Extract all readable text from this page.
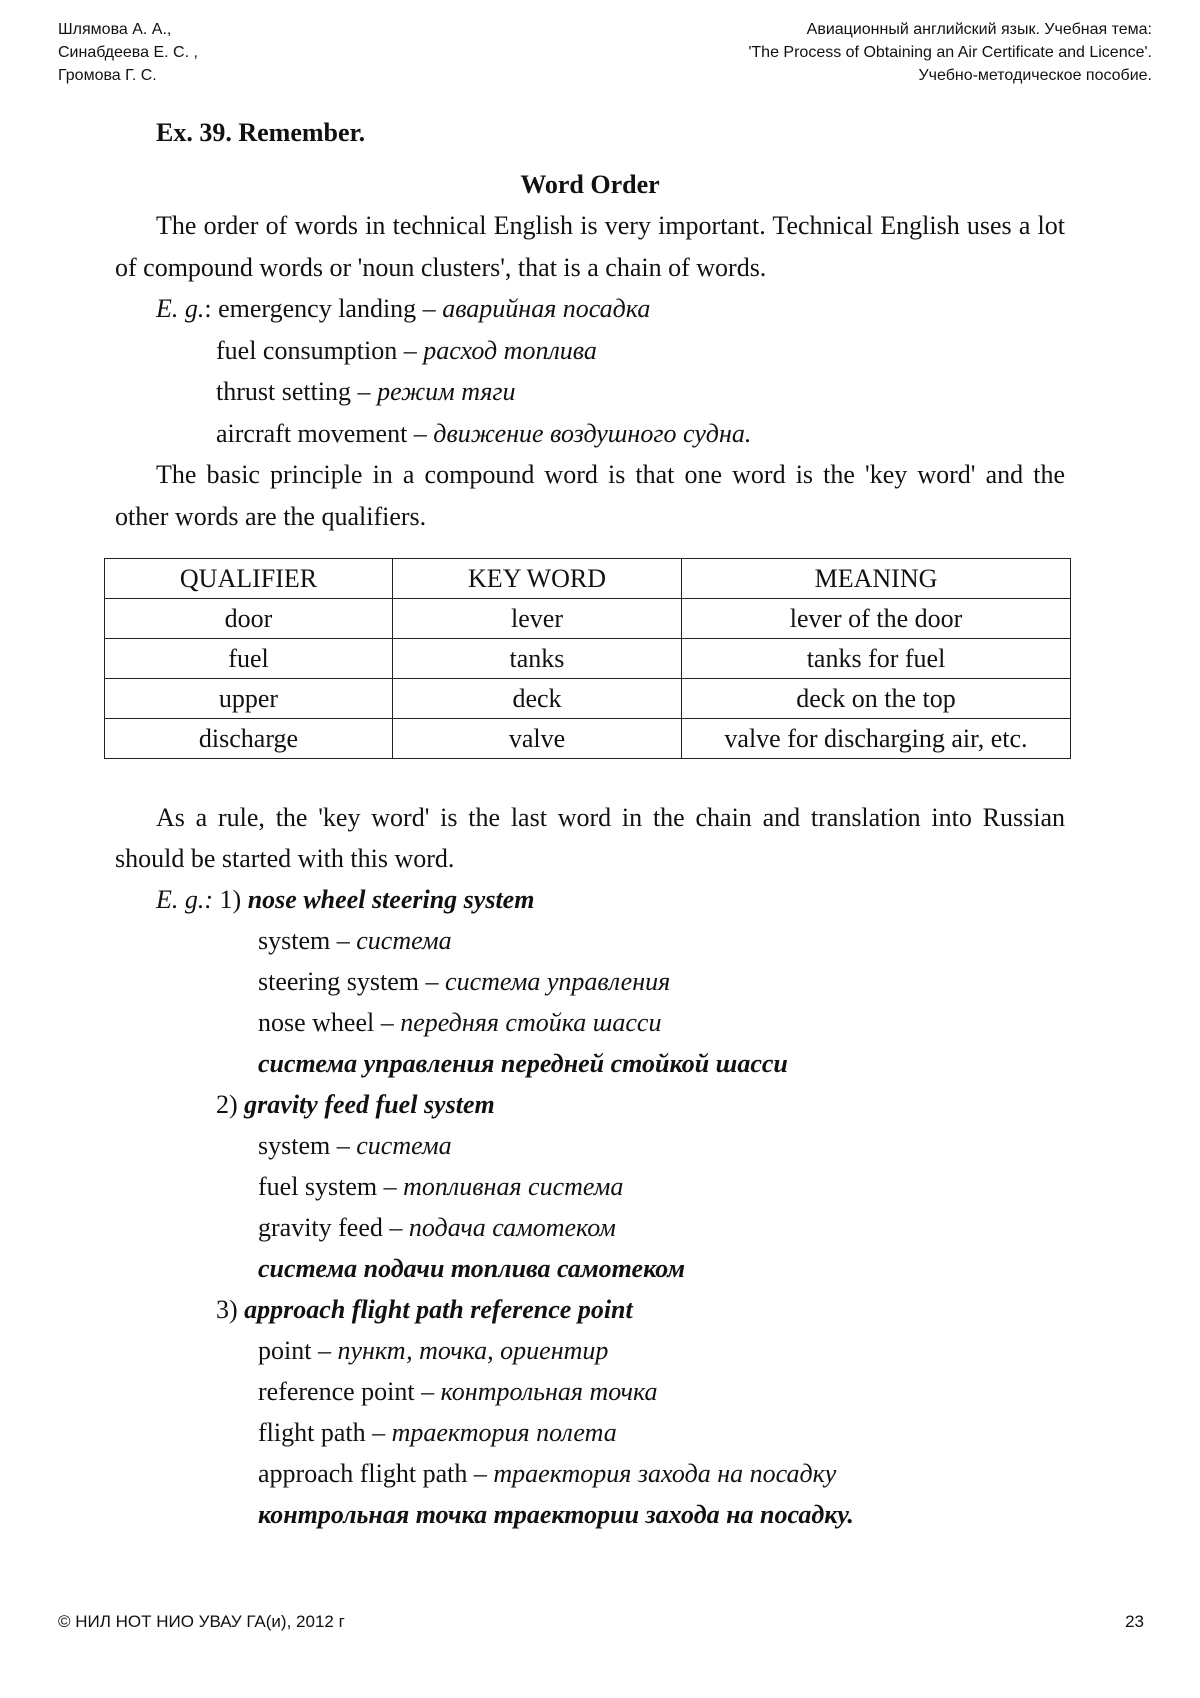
Шлямова А. А.,
Синабдеева Е. С. ,
Громова Г. С.
Авиационный английский язык. Учебная тема:
'The Process of Obtaining an Air Certificate and Licence'.
Учебно-методическое пособие.
Ex. 39. Remember.
Word Order
The order of words in technical English is very important. Technical English uses a lot of compound words or 'noun clusters', that is a chain of words.
E. g.: emergency landing – аварийная посадка
fuel consumption – расход топлива
thrust setting – режим тяги
aircraft movement – движение воздушного судна.
The basic principle in a compound word is that one word is the 'key word' and the other words are the qualifiers.
QUALIFIER	KEY WORD	MEANING
door	lever	lever of the door
fuel	tanks	tanks for fuel
upper	deck	deck on the top
discharge	valve	valve for discharging air, etc.
As a rule, the 'key word' is the last word in the chain and translation into Russian should be started with this word.
E. g.: 1) nose wheel steering system
system – система
steering system – система управления
nose wheel – передняя стойка шасси
система управления передней стойкой шасси
2) gravity feed fuel system
system – система
fuel system – топливная система
gravity feed – подача самотеком
система подачи топлива самотеком
3) approach flight path reference point
point – пункт, точка, ориентир
reference point – контрольная точка
flight path – траектория полета
approach flight path – траектория захода на посадку
контрольная точка траектории захода на посадку.
© НИЛ НОТ НИО УВАУ ГА(и), 2012 г	23
